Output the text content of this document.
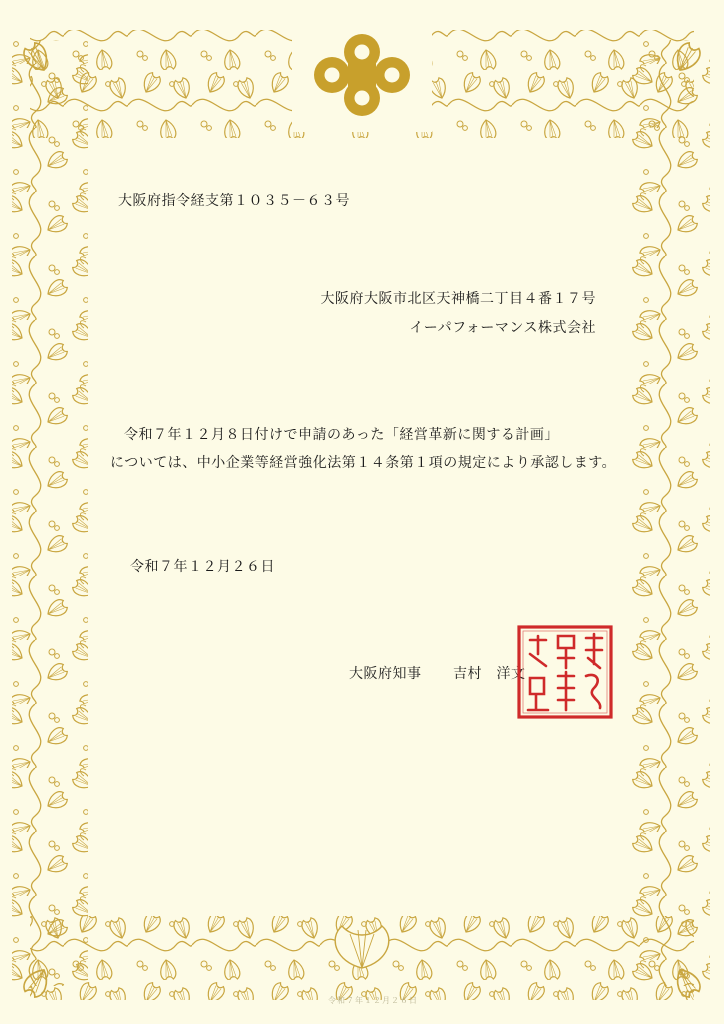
大阪府指令経支第１０３５－６３号
大阪府大阪市北区天神橋二丁目４番１７号
イーパフォーマンス株式会社
令和７年１２月８日付けで申請のあった「経営革新に関する計画」
については、中小企業等経営強化法第１４条第１項の規定により承認します。
令和７年１２月２６日
大阪府知事 吉村　洋文
令和７年１２月２６日
